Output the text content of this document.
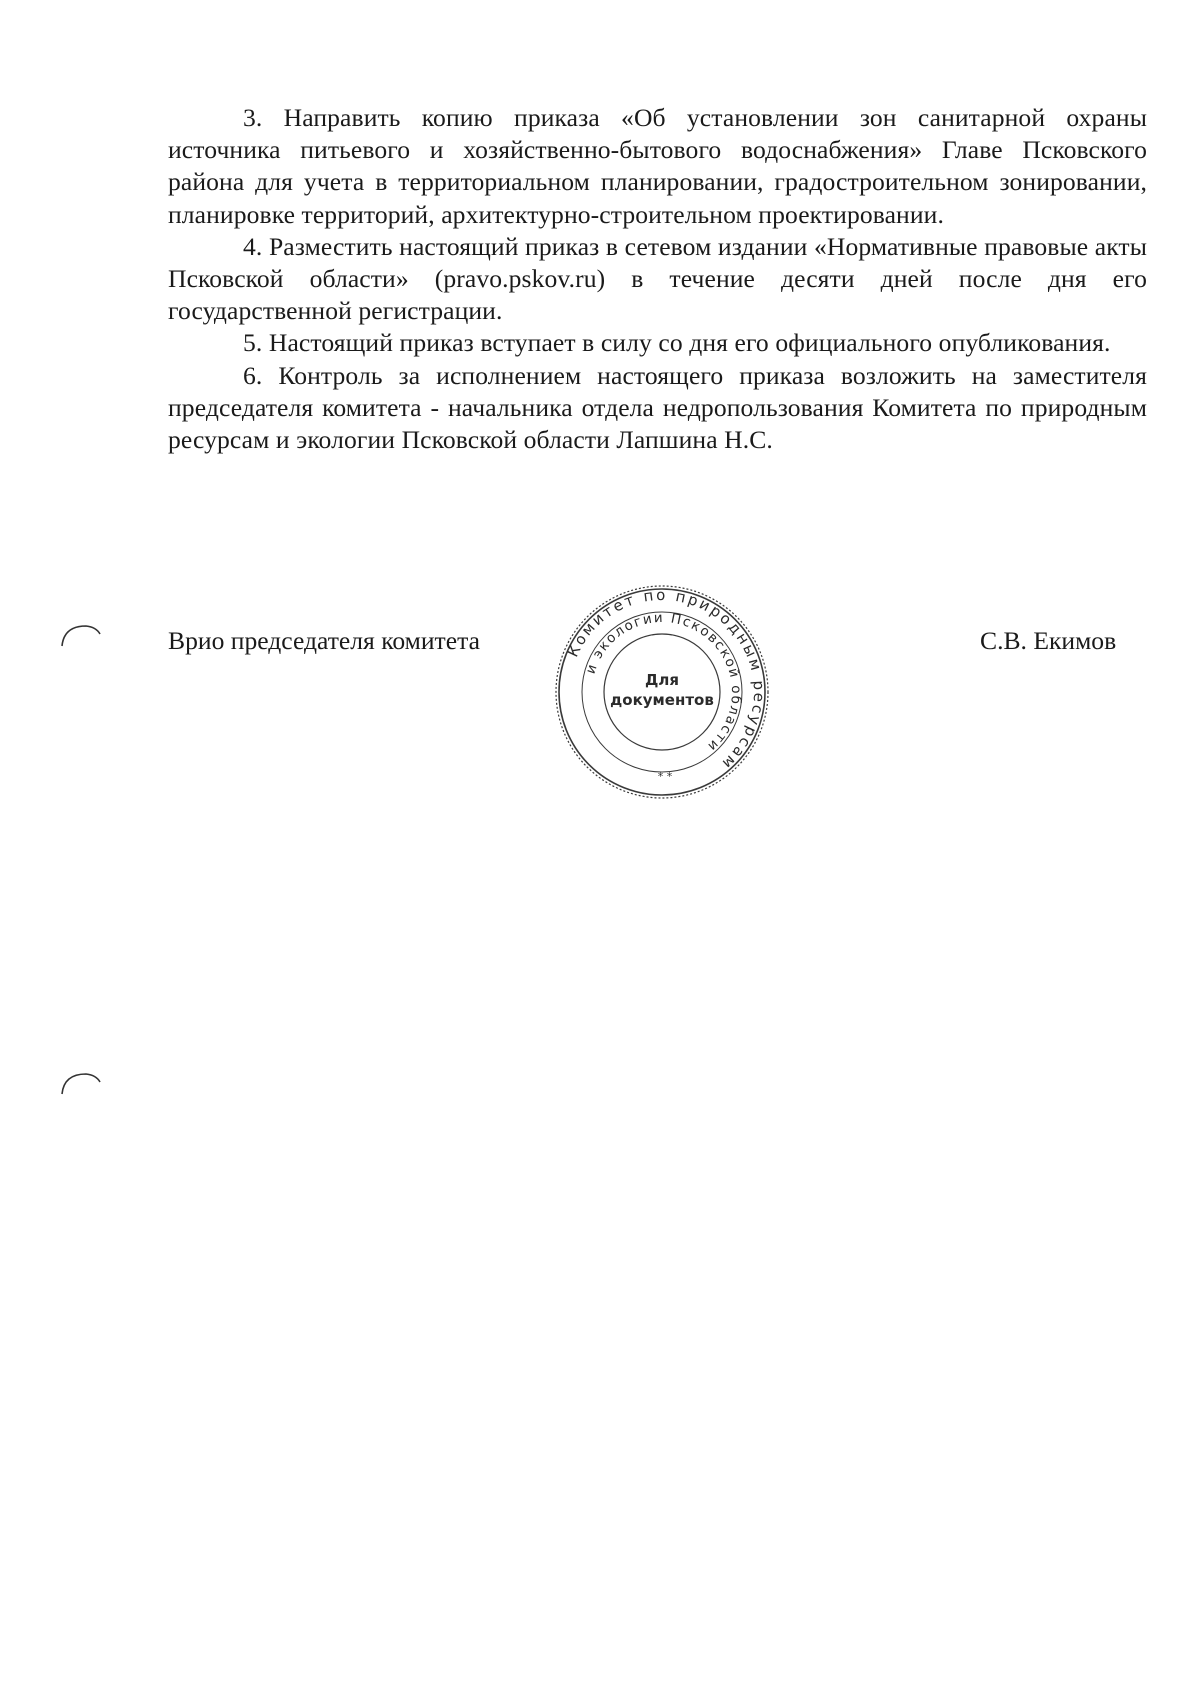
3. Направить копию приказа «Об установлении зон санитарной охраны источника питьевого и хозяйственно-бытового водоснабжения» Главе Псковского района для учета в территориальном планировании, градостроительном зонировании, планировке территорий, архитектурно-строительном проектировании.

4. Разместить настоящий приказ в сетевом издании «Нормативные правовые акты Псковской области» (pravo.pskov.ru) в течение десяти дней после дня его государственной регистрации.

5. Настоящий приказ вступает в силу со дня его официального опубликования.

6. Контроль за исполнением настоящего приказа возложить на заместителя председателя комитета - начальника отдела недропользования Комитета по природным ресурсам и экологии Псковской области Лапшина Н.С.

Врио председателя комитета	С.В. Екимов
Комитет по природным ресурсам
и экологии Псковской области
Для
документов
* *
